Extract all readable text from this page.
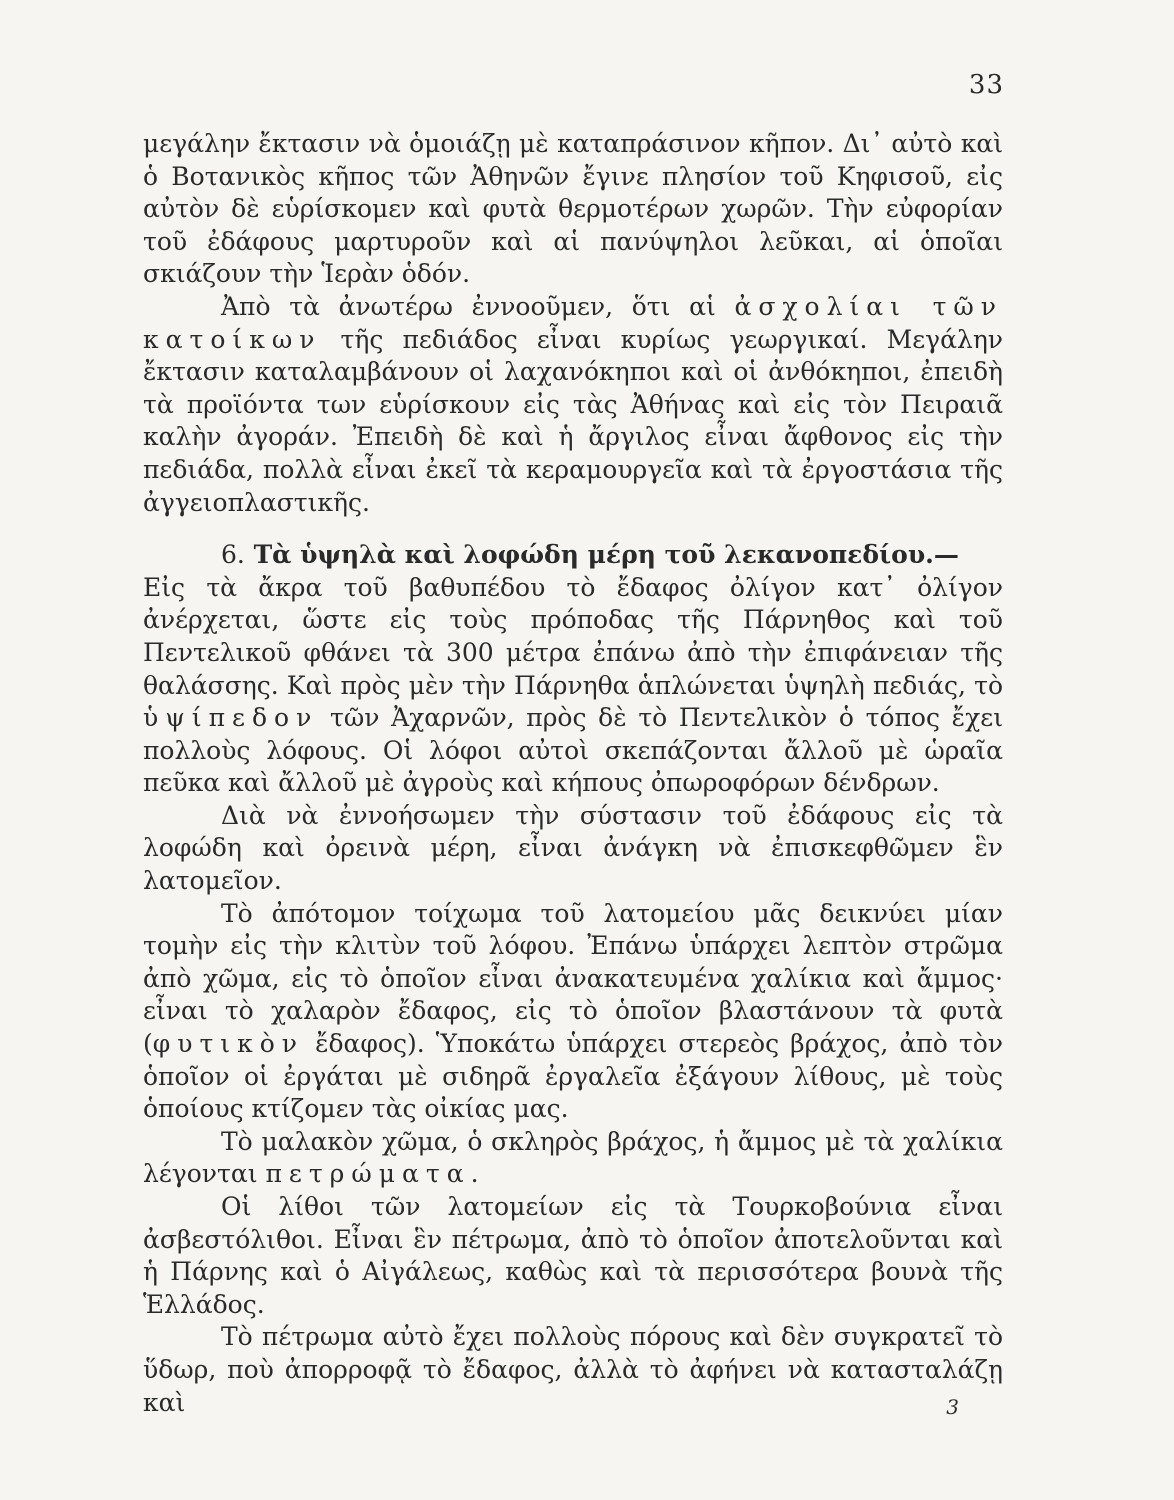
33

μεγάλην ἔκτασιν νὰ ὁμοιάζῃ μὲ καταπράσινον κῆπον. Δι᾿ αὐτὸ καὶ ὁ Βοτανικὸς κῆπος τῶν Ἀθηνῶν ἔγινε πλησίον τοῦ Κηφισοῦ, εἰς αὐτὸν δὲ εὑρίσκομεν καὶ φυτὰ θερμοτέρων χωρῶν. Τὴν εὐφορίαν τοῦ ἐδάφους μαρτυροῦν καὶ αἱ πανύψηλοι λεῦκαι, αἱ ὁποῖαι σκιάζουν τὴν Ἱερὰν ὁδόν.

Ἀπὸ τὰ ἀνωτέρω ἐννοοῦμεν, ὅτι αἱ ἀσχολίαι τῶν κατοίκων τῆς πεδιάδος εἶναι κυρίως γεωργικαί. Μεγάλην ἔκτασιν καταλαμβάνουν οἱ λαχανόκηποι καὶ οἱ ἀνθόκηποι, ἐπειδὴ τὰ προϊόντα των εὑρίσκουν εἰς τὰς Ἀθήνας καὶ εἰς τὸν Πειραιᾶ καλὴν ἀγοράν. Ἐπειδὴ δὲ καὶ ἡ ἄργιλος εἶναι ἄφθονος εἰς τὴν πεδιάδα, πολλὰ εἶναι ἐκεῖ τὰ κεραμουργεῖα καὶ τὰ ἐργοστάσια τῆς ἀγγειοπλαστικῆς.

6. Τὰ ὑψηλὰ καὶ λοφώδη μέρη τοῦ λεκανοπεδίου.—

Εἰς τὰ ἄκρα τοῦ βαθυπέδου τὸ ἔδαφος ὀλίγον κατ᾿ ὀλίγον ἀνέρχεται, ὥστε εἰς τοὺς πρόποδας τῆς Πάρνηθος καὶ τοῦ Πεντελικοῦ φθάνει τὰ 300 μέτρα ἐπάνω ἀπὸ τὴν ἐπιφάνειαν τῆς θαλάσσης. Καὶ πρὸς μὲν τὴν Πάρνηθα ἁπλώνεται ὑψηλὴ πεδιάς, τὸ ὑψίπεδον τῶν Ἀχαρνῶν, πρὸς δὲ τὸ Πεντελικὸν ὁ τόπος ἔχει πολλοὺς λόφους. Οἱ λόφοι αὐτοὶ σκεπάζονται ἄλλοῦ μὲ ὡραῖα πεῦκα καὶ ἄλλοῦ μὲ ἀγροὺς καὶ κήπους ὀπωροφόρων δένδρων.

Διὰ νὰ ἐννοήσωμεν τὴν σύστασιν τοῦ ἐδάφους εἰς τὰ λοφώδη καὶ ὀρεινὰ μέρη, εἶναι ἀνάγκη νὰ ἐπισκεφθῶμεν ἓν λατομεῖον.

Τὸ ἀπότομον τοίχωμα τοῦ λατομείου μᾶς δεικνύει μίαν τομὴν εἰς τὴν κλιτὺν τοῦ λόφου. Ἐπάνω ὑπάρχει λεπτὸν στρῶμα ἀπὸ χῶμα, εἰς τὸ ὁποῖον εἶναι ἀνακατευμένα χαλίκια καὶ ἄμμος· εἶναι τὸ χαλαρὸν ἔδαφος, εἰς τὸ ὁποῖον βλαστάνουν τὰ φυτὰ (φυτικὸν ἔδαφος). Ὑποκάτω ὑπάρχει στερεὸς βράχος, ἀπὸ τὸν ὁποῖον οἱ ἐργάται μὲ σιδηρᾶ ἐργαλεῖα ἐξάγουν λίθους, μὲ τοὺς ὁποίους κτίζομεν τὰς οἰκίας μας.

Τὸ μαλακὸν χῶμα, ὁ σκληρὸς βράχος, ἡ ἄμμος μὲ τὰ χαλίκια λέγονται πετρώματα.

Οἱ λίθοι τῶν λατομείων εἰς τὰ Τουρκοβούνια εἶναι ἀσβεστόλιθοι. Εἶναι ἓν πέτρωμα, ἀπὸ τὸ ὁποῖον ἀποτελοῦνται καὶ ἡ Πάρνης καὶ ὁ Αἰγάλεως, καθὼς καὶ τὰ περισσότερα βουνὰ τῆς Ἑλλάδος.

Τὸ πέτρωμα αὐτὸ ἔχει πολλοὺς πόρους καὶ δὲν συγκρατεῖ τὸ ὕδωρ, ποὺ ἀπορροφᾷ τὸ ἔδαφος, ἀλλὰ τὸ ἀφήνει νὰ κατασταλάζῃ καὶ	3
